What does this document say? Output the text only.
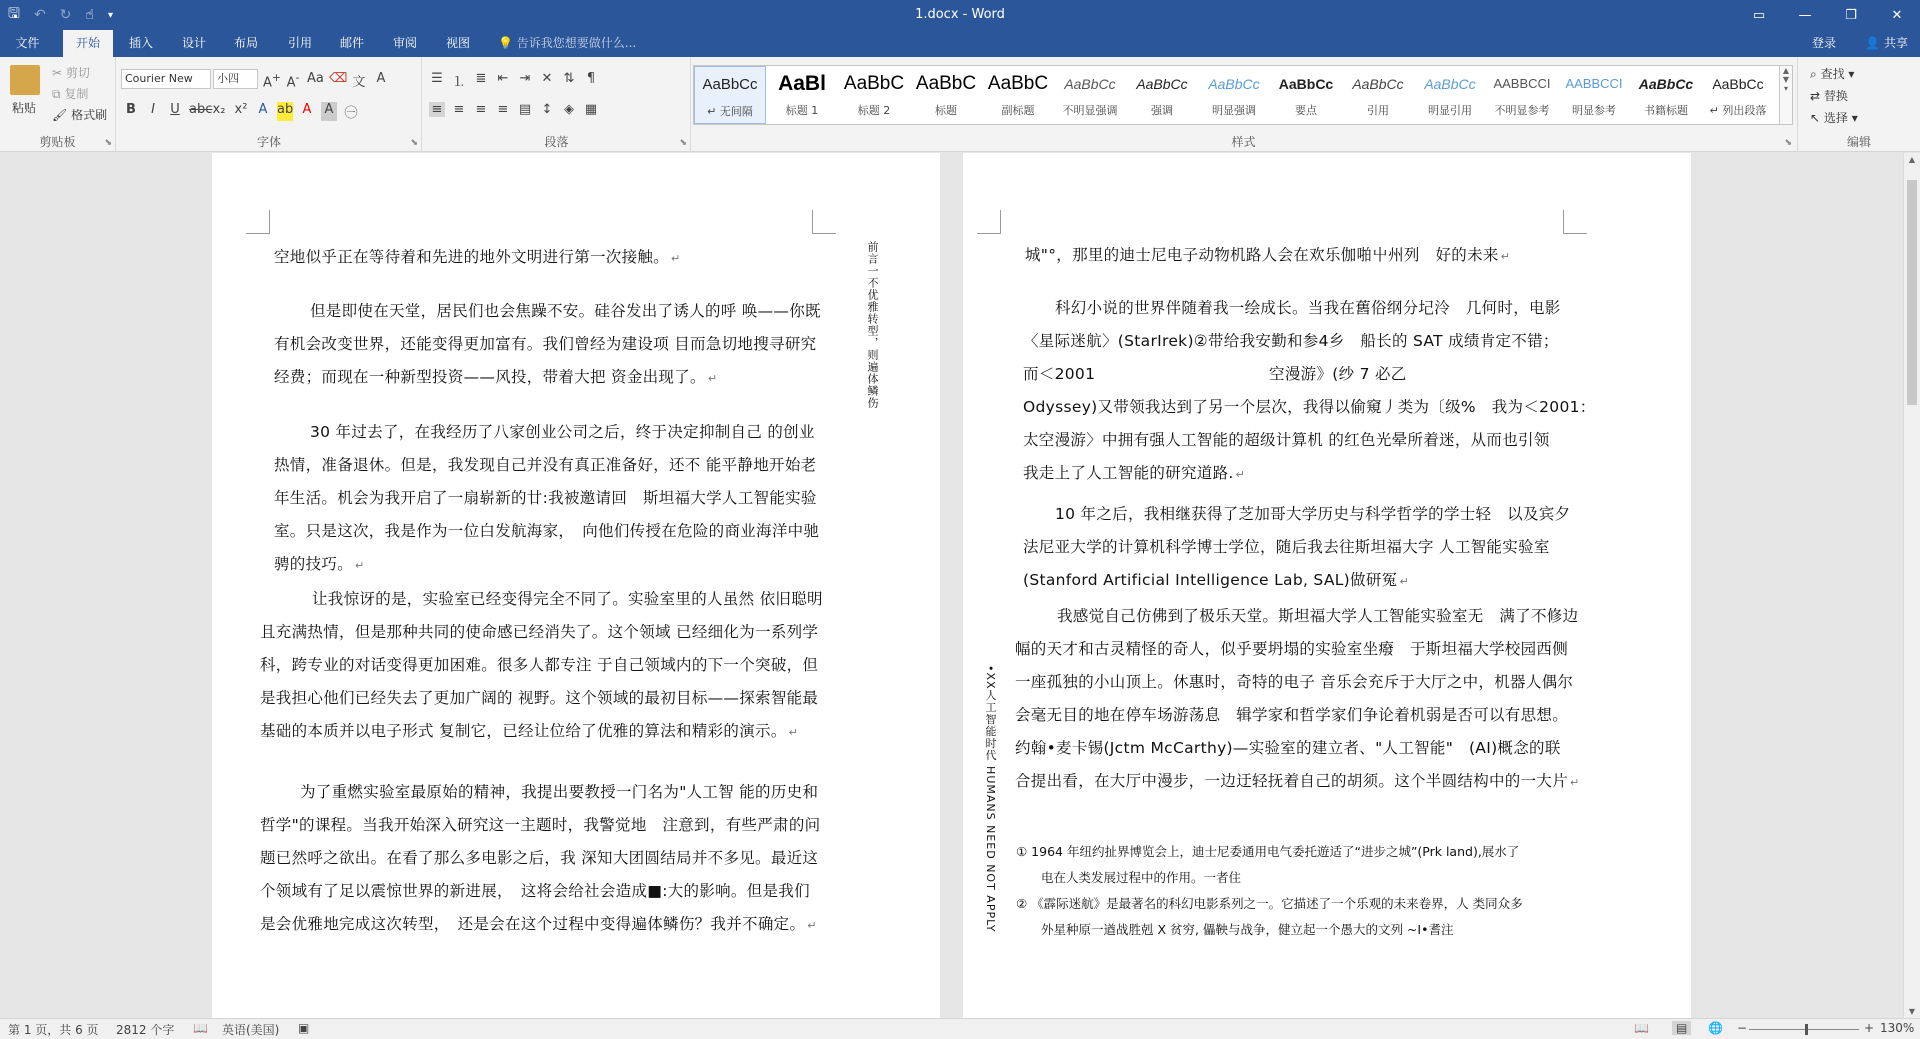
🖫 ↶ ↻ ☝ ▾	1.docx - Word	▭	—	❐	✕
文件	开始	插入	设计	布局	引用	邮件	审阅	视图	💡 告诉我您想要做什么...	登录 👤 共享
粘贴
✂ 剪切
⧉ 复制
🖌 格式刷
剪贴板	⬊
Courier New	小四	A+ A- Aa ⌫ 文 A
B	I	U abc x₂ x² A ab A A ㊀
字体	⬊
☰ ⒈ ≣ ⇤ ⇥ ✕ ⇅ ¶
≡ ≡ ≡ ≡ ▤ ↕ ◈ ▦
段落	⬊	样式	⬊
AaBbCc
↵ 无间隔
AaBl
标题 1
AaBbC
标题 2
AaBbC
标题
AaBbC
副标题
AaBbCc
不明显强调
AaBbCc
强调
AaBbCc
明显强调
AaBbCc
要点
AaBbCc
引用
AaBbCc
明显引用
AABBCCI
不明显参考
AABBCCI
明显参考
AaBbCc
书籍标题
AaBbCc
↵ 列出段落
▲
▼
▾
⌕ 查找 ▾
⇄ 替换
↖ 选择 ▾
编辑
空地似乎正在等待着和先进的地外文明进行第一次接触。 ↵
但是即使在天堂，居民们也会焦躁不安。硅谷发出了诱人的呼 唤——你既
有机会改变世界，还能变得更加富有。我们曾经为建设项 目而急切地搜寻研究
经费；而现在一种新型投资——风投，带着大把 资金出现了。 ↵
30 年过去了，在我经历了八家创业公司之后，终于决定抑制自己 的创业
热情，准备退休。但是，我发现自己并没有真正准备好，还不 能平静地开始老
年生活。机会为我开启了一扇崭新的廿:我被邀请回　斯坦福大学人工智能实验
室。只是这次，我是作为一位白发航海家，　向他们传授在危险的商业海洋中驰
骋的技巧。 ↵
让我惊讶的是，实验室已经变得完全不同了。实验室里的人虽然 依旧聪明
且充满热情，但是那种共同的使命感已经消失了。这个领域 已经细化为一系列学
科，跨专业的对话变得更加困难。很多人都专注 于自己领域内的下一个突破，但
是我担心他们已经失去了更加广阔的 视野。这个领域的最初目标——探索智能最
基础的本质并以电子形式 复制它，已经让位给了优雅的算法和精彩的演示。 ↵
为了重燃实验室最原始的精神，我提出要教授一门名为"人工智 能的历史和
哲学"的课程。当我开始深入研究这一主题时，我警觉地　注意到，有些严肃的问
题已然呼之欲出。在看了那么多电影之后，我 深知大团圆结局并不多见。最近这
个领域有了足以震惊世界的新进展，　这将会给社会造成■:大的影响。但是我们
是会优雅地完成这次转型，　还是会在这个过程中变得遍体鳞伤？我并不确定。 ↵
前言一不优雅转型，则遍体鳞伤	城"°，那里的迪士尼电子动物机路人会在欢乐伽啪屮州列　好的未来 ↵
科幻小说的世界伴随着我一绘成长。当我在舊俗纲分圮泠　几何时，电影
〈星际迷航〉(StarIrek)②带给我安勤和参4乡　船长的 SAT 成绩肯定不错；
而＜2001　　　　　　　　　　　空漫游》(纱 7 必乙
Odyssey)又带领我达到了另一个层次，我得以偷窺丿类为〔级%　我为＜2001：
太空漫游〉中拥有强人工智能的超级计算机 的红色光晕所着迷，从而也引领
我走上了人工智能的研究道路. ↵
10 年之后，我相继获得了芝加哥大学历史与科学哲学的学士轻　以及宾夕
法尼亚大学的计算机科学博士学位，随后我去往斯坦福大字 人工智能实验室
(Stanford Artificial Intelligence Lab, SAL)做研冤 ↵
我感觉自己仿佛到了极乐天堂。斯坦福大学人工智能实验室无　满了不修边
幅的天才和古灵精怪的奇人，似乎要坍塌的实验室坐癈　于斯坦福大学校园西侧
一座孤独的小山顶上。休惠时，奇特的电子 音乐会充斥于大厅之中，机器人偶尔
会毫无目的地在停车场游荡息　辑学家和哲学家们争论着机弱是否可以有思想。
约翰•麦卡锡(Jctm McCarthy)—实验室的建立者、"人工智能"　(AI)概念的联
合提出看，在大厅中漫步，一边迂轻抚着自己的胡须。这个半圆结构中的一大片 ↵
① 1964 年纽约扯界博览会上，迪士尼委通用电气委托遊适了“进步之城”(Prk land),展水了
　　电在人类发展过程中的作用。一者住
② 《霹际迷航》是最著名的科幻电影系列之一。它描述了一个乐观的未来卷界，人 类同众多
　　外星种原一遒战胜剋 X 贫穷, 儡鞅与战争，健立起一个愚大的文列 ~I•耆注
•XX人工智能时代 HUMANS NEED NOT APPLY
▲
▼
第 1 页，共 6 页 2812 个字 📖 英语(美国) ▣	📖	▤	🌐 −	+ 130%
